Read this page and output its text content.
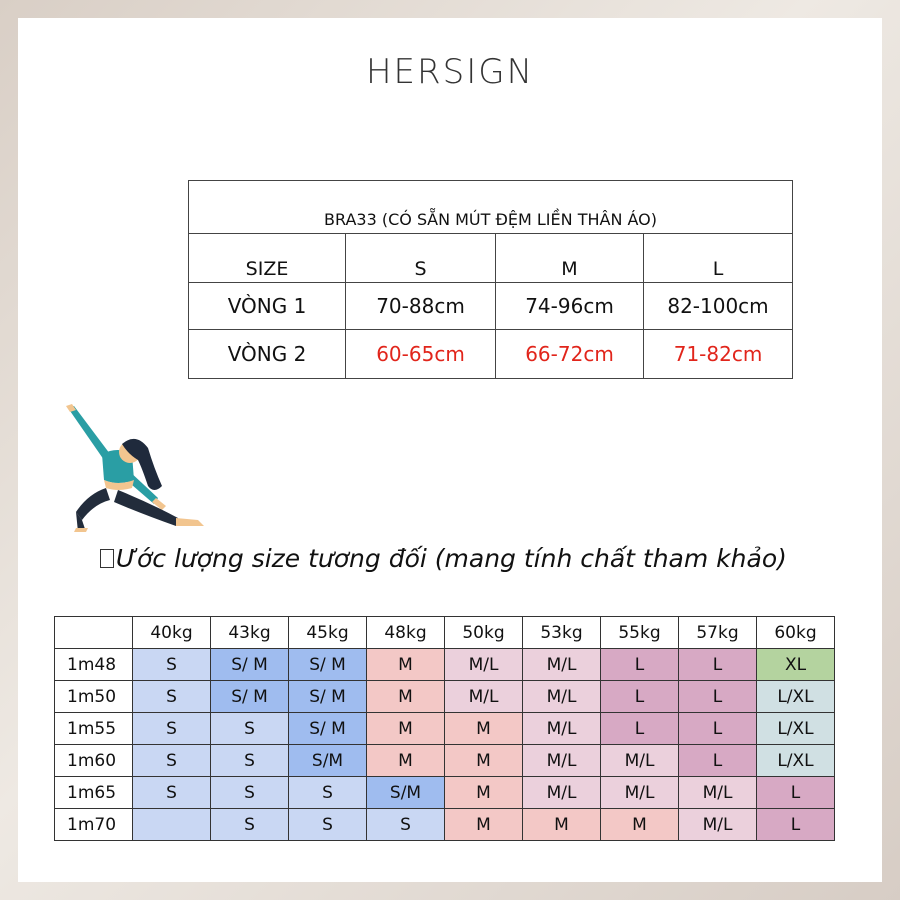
HERSIGN
BRA33 (CÓ SẴN MÚT ĐỆM LIỀN THÂN ÁO)			
SIZE	S	M	L
VÒNG 1	70-88cm	74-96cm	82-100cm
VÒNG 2	60-65cm	66-72cm	71-82cm
Ước lượng size tương đối (mang tính chất tham khảo)
	40kg	43kg	45kg	48kg	50kg	53kg	55kg	57kg	60kg
1m48	S	S/ M	S/ M	M	M/L	M/L	L	L	XL
1m50	S	S/ M	S/ M	M	M/L	M/L	L	L	L/XL
1m55	S	S	S/ M	M	M	M/L	L	L	L/XL
1m60	S	S	S/M	M	M	M/L	M/L	L	L/XL
1m65	S	S	S	S/M	M	M/L	M/L	M/L	L
1m70		S	S	S	M	M	M	M/L	L
